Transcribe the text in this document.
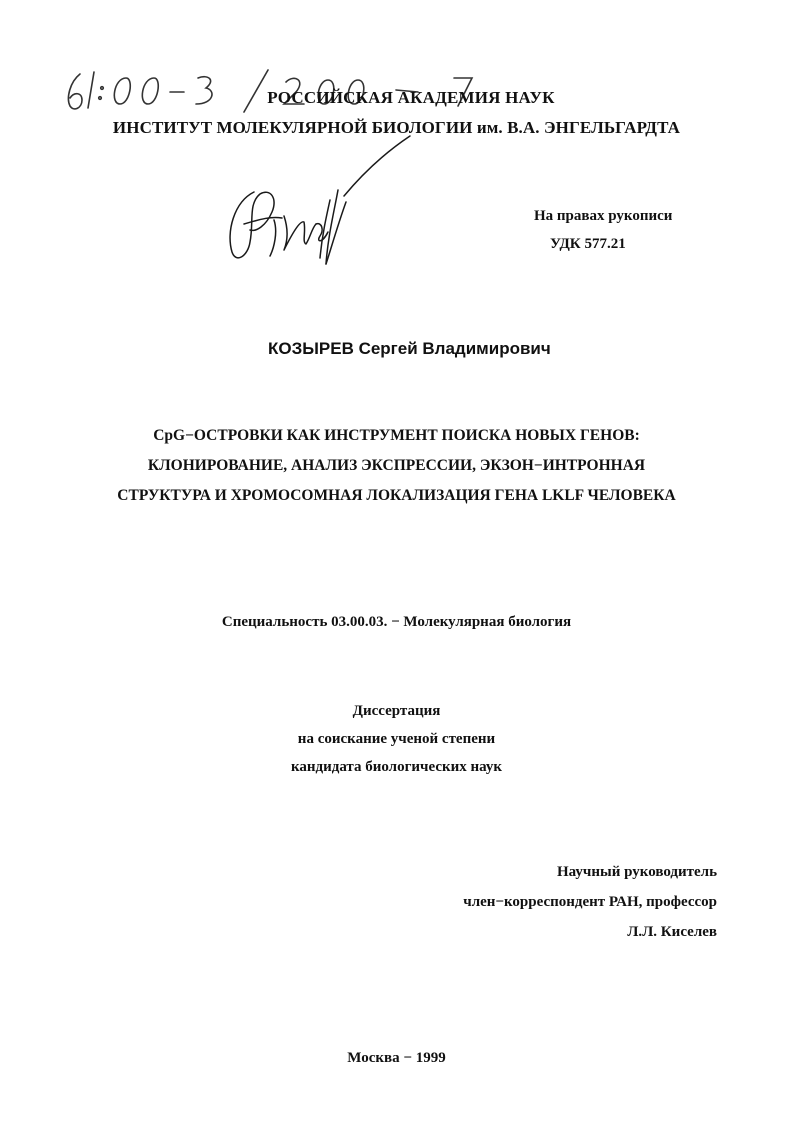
РОССИЙСКАЯ АКАДЕМИЯ НАУК
ИНСТИТУТ МОЛЕКУЛЯРНОЙ БИОЛОГИИ им. В.А. ЭНГЕЛЬГАРДТА
На правах рукописи
УДК 577.21
КОЗЫРЕВ Сергей Владимирович
CpG−ОСТРОВКИ КАК ИНСТРУМЕНТ ПОИСКА НОВЫХ ГЕНОВ:
КЛОНИРОВАНИЕ, АНАЛИЗ ЭКСПРЕССИИ, ЭКЗОН−ИНТРОННАЯ
СТРУКТУРА И ХРОМОСОМНАЯ ЛОКАЛИЗАЦИЯ ГЕНА LKLF ЧЕЛОВЕКА
Специальность 03.00.03. − Молекулярная биология
Диссертация
на соискание ученой степени
кандидата биологических наук
Научный руководитель
член−корреспондент РАН, профессор
Л.Л. Киселев
Москва − 1999
